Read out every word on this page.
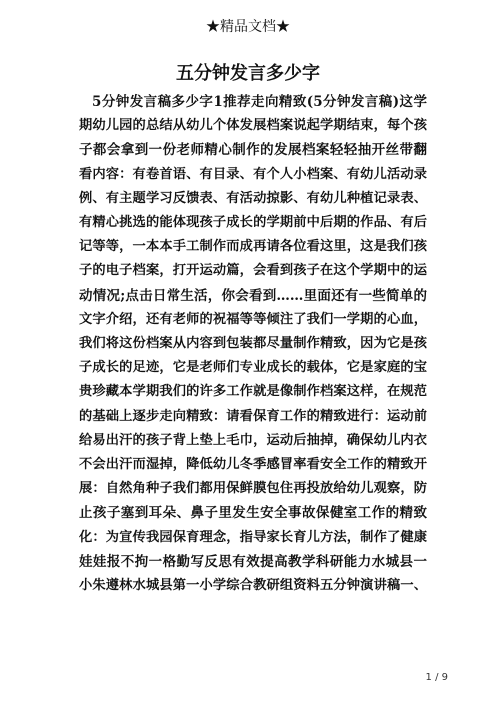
★精品文档★
五分钟发言多少字
5分钟发言稿多少字1推荐走向精致(5分钟发言稿)这学
期幼儿园的总结从幼儿个体发展档案说起学期结束，每个孩
子都会拿到一份老师精心制作的发展档案轻轻抽开丝带翻
看内容：有卷首语、有目录、有个人小档案、有幼儿活动录
例、有主题学习反馈表、有活动掠影、有幼儿种植记录表、
有精心挑选的能体现孩子成长的学期前中后期的作品、有后
记等等，一本本手工制作而成再请各位看这里，这是我们孩
子的电子档案，打开运动篇，会看到孩子在这个学期中的运
动情况;点击日常生活，你会看到……里面还有一些简单的
文字介绍，还有老师的祝福等等倾注了我们一学期的心血，
我们将这份档案从内容到包装都尽量制作精致，因为它是孩
子成长的足迹，它是老师们专业成长的载体，它是家庭的宝
贵珍藏本学期我们的许多工作就是像制作档案这样，在规范
的基础上逐步走向精致：请看保育工作的精致进行：运动前
给易出汗的孩子背上垫上毛巾，运动后抽掉，确保幼儿内衣
不会出汗而湿掉，降低幼儿冬季感冒率看安全工作的精致开
展：自然角种子我们都用保鲜膜包住再投放给幼儿观察，防
止孩子塞到耳朵、鼻子里发生安全事故保健室工作的精致
化：为宣传我园保育理念，指导家长育儿方法，制作了健康
娃娃报不拘一格勤写反思有效提高教学科研能力水城县一
小朱遵林水城县第一小学综合教研组资料五分钟演讲稿一、
1 / 9
